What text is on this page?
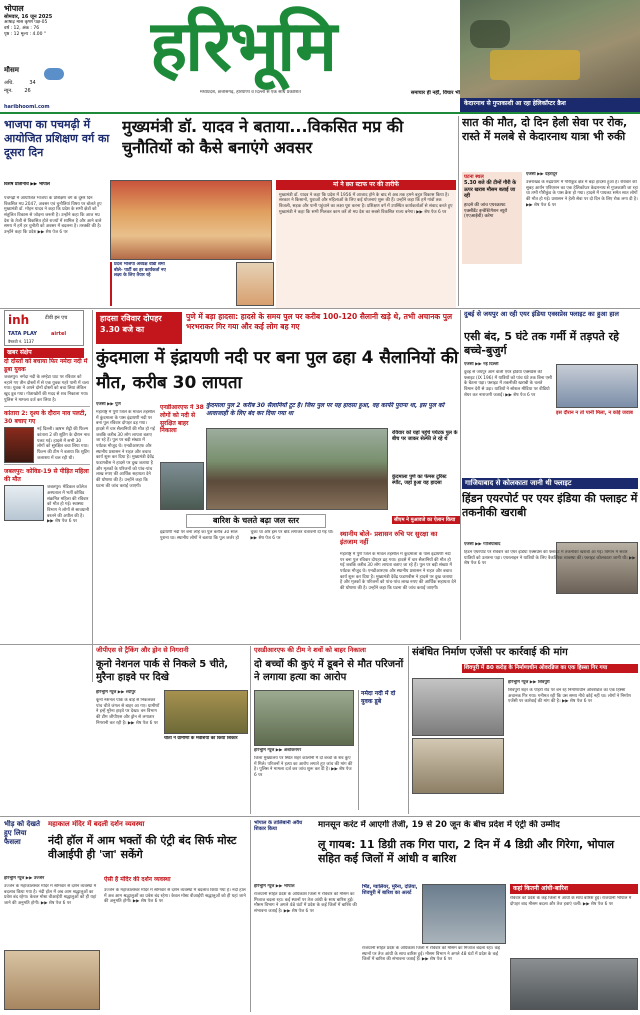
भोपाल
सोमवार, 16 जून 2025
आषाढ़ मास कृष्ण पक्ष-05
वर्ष : 12, अंक : 76
पृष्ठ : 12 मूल्य : 4.00 ''
मौसम
अधि.	34
न्यून. 26
haribhoomi.com
हरिभूमि
मध्यप्रदेश, छत्तीसगढ़, हरियाणा व दिल्ली से एक साथ प्रकाशित	समाचार ही नहीं, विचार भी
केदारनाथ से गुप्तकाशी आ रहा हेलिकॉप्टर क्रैश
भाजपा का पचमढ़ी में आयोजित प्रशिक्षण वर्ग का दूसरा दिन
मुख्यमंत्री डॉ. यादव ने बताया...विकसित मप्र की चुनौतियों को कैसे बनाएंगे अवसर
विशेष प्रतिनिधि ▶▶ भोपाल	मां ने छत स्टाफ पर की तारीफें
मुख्यमंत्री डॉ. यादव ने कहा कि प्रदेश में 1956 में आजाद होने के बाद से अब तक हमने बहुत विकास किया है। सरकार ने किसानों, युवाओं और महिलाओं के लिए कई योजनाएं शुरू की हैं। उन्होंने कहा कि हमें गांवों तक बिजली, सड़क और पानी पहुंचाने का लक्ष्य पूरा करना है। प्रशिक्षण वर्ग में उपस्थित कार्यकर्ताओं से संवाद करते हुए मुख्यमंत्री ने कहा कि सभी मिलकर काम करें तो मप्र देश का सबसे विकसित राज्य बनेगा। ▶▶ शेष पेज 6 पर
पचमढ़ी में आयोजित भाजपा के प्रशिक्षण वर्ग के दूसरे दिन विकसित मप्र 2047, अवसर एवं चुनौतियां विषय पर बोलते हुए मुख्यमंत्री डॉ. मोहन यादव ने कहा कि प्रदेश के सभी क्षेत्रों को संतुलित विकास से जोड़ना जरूरी है। उन्होंने कहा कि आज मप्र देश के तेजी से विकसित होते राज्यों में शामिल है और आने वाले समय में हमें हर चुनौती को अवसर में बदलना है। तरक्की की है। उन्होंने कहा कि प्रदेश ▶▶ शेष पेज 6 पर
प्रदेश भाजपा अध्यक्ष वीडी शर्मा बोले- पार्टी का हर कार्यकर्ता नए लक्ष्य के लिए तैयार रहे
सात की मौत, दो दिन हेली सेवा पर रोक, रास्ते में मलबे से केदारनाथ यात्रा भी रुकी
घटना स्थल
5.30 बजे की टीमों गौरी के ऊपर खराब मौसम बताई जा रही
हादसे की जांच एयरक्राफ्ट एक्सीडेंट इन्वेस्टिगेशन ब्यूरो (एएआईबी) करेगा
एजेंसी ▶▶ देहरादून
उत्तराखंड के रुद्रप्रयाग में गौरीकुंड क्षेत्र में बड़ा हादसा हुआ है। रविवार की सुबह आर्यन एविएशन का एक हेलिकॉप्टर केदारनाथ से गुप्तकाशी जा रहा था तभी गौरीकुंड के पास क्रैश हो गया। हादसे में पायलट समेत सात लोगों की मौत हो गई। प्रशासन ने हेली सेवा पर दो दिन के लिए रोक लगा दी है। ▶▶ शेष पेज 6 पर
inh	टीवी इन एच
TATA PLAY	airtel
वैष्णवी नं. 1137
खबर संक्षेप
दो दोस्तों को बचाया फिर नर्मदा नदी में डूबा युवक
जबलपुर। नर्मदा नदी के लम्हेटा घाट पर रविवार को नहाने गए तीन दोस्तों में से एक युवक गहरे पानी में चला गया। युवक ने अपने दोनों दोस्तों को बचा लिया लेकिन खुद डूब गया। गोताखोरों की मदद से शव निकाला गया। पुलिस ने मामला दर्ज कर लिया है।
कांतारा 2: दृश्य के दौरान नाव पलटी, 30 बचाए गए
नई दिल्ली। ऋषभ शेट्टी की फिल्म कांतारा 2 की शूटिंग के दौरान नाव पलट गई। हादसे में सभी 30 लोगों को सुरक्षित बचा लिया गया। फिल्म की टीम ने बताया कि शूटिंग जलाशय में चल रही थी।
जबलपुर: कोविड-19 से पीड़ित महिला की मौत
जबलपुर। मेडिकल कॉलेज अस्पताल में भर्ती कोविड संक्रमित महिला की रविवार को मौत हो गई। स्वास्थ्य विभाग ने लोगों से सावधानी बरतने की अपील की है। ▶▶ शेष पेज 6 पर
हादसा रविवार दोपहर 3.30 बजे का
पुणे में बड़ा हादसा: हादसे के समय पुल पर करीब 100-120 सैलानी खड़े थे, तभी अचानक पुल भरभराकर गिर गया और कई लोग बह गए
कुंदमाला में इंद्रायणी नदी पर बना पुल ढहा 4 सैलानियों की मौत, करीब 30 लापता
एजेंसी ▶▶ पुणे
महाराष्ट्र में पुणे जिले के मावल तहसील में कुंदमाला के पास इंद्रायणी नदी पर बना पुल रविवार दोपहर ढह गया। हादसे में चार सैलानियों की मौत हो गई जबकि करीब 30 लोग लापता बताए जा रहे हैं। पुल पर बड़ी संख्या में पर्यटक मौजूद थे। एनडीआरएफ और स्थानीय प्रशासन ने राहत और बचाव कार्य शुरू कर दिया है। मुख्यमंत्री देवेंद्र फडणवीस ने हादसे पर दुख जताया है और मृतकों के परिजनों को पांच-पांच लाख रुपए की आर्थिक सहायता देने की घोषणा की है। उन्होंने कहा कि घटना की जांच कराई जाएगी।
एनडीआरएफ ने 38 लोगों को नदी से सुरक्षित बाहर निकाला
कुंदमाला पुल 2 करीब 30 सैलानियों टूट है। जिस पुल पर यह हादसा हुआ, वह काफी पुराना था, इस पुल को आवाजाही के लिए बंद कर दिया गया था
रविवार को यहां पहुंचे पर्यटक पुल के बीच पर जाकर सेल्फी ले रहे थे
कुंदमाला पुणे का फेमस टूरिस्ट स्पॉट, जहां हुआ यह हादसा
बारिश के चलते बढ़ा जल स्तर
इंद्रायणी नदी पर बना लोहे का पुल करीब 30 साल पुराना था। स्थानीय लोगों ने बताया कि पुल जर्जर हो चुका था और इस पर बोर्ड लगाकर चेतावनी दी गई थी। ▶▶ शेष पेज 6 पर
स्थानीय बोले- प्रशासन रुचि पर सुरक्षा का इंतजाम नहीं
महाराष्ट्र में पुणे जिले के मावल तहसील में कुंदमाला के पास इंद्रायणी नदी पर बना पुल रविवार दोपहर ढह गया। हादसे में चार सैलानियों की मौत हो गई जबकि करीब 30 लोग लापता बताए जा रहे हैं। पुल पर बड़ी संख्या में पर्यटक मौजूद थे। एनडीआरएफ और स्थानीय प्रशासन ने राहत और बचाव कार्य शुरू कर दिया है। मुख्यमंत्री देवेंद्र फडणवीस ने हादसे पर दुख जताया है और मृतकों के परिजनों को पांच-पांच लाख रुपए की आर्थिक सहायता देने की घोषणा की है। उन्होंने कहा कि घटना की जांच कराई जाएगी।
सीएम ने मुआवजे का ऐलान किया
दुबई से जयपुर आ रही एयर इंडिया एक्सप्रेस फ्लाइट का हुआ हाल
एसी बंद, 5 घंटे तक गर्मी में तड़पते रहे बच्चे-बुजुर्ग
एजेंसी ▶▶ नई दिल्ली
दुबई से जयपुर आने वाली एयर इंडिया एक्सप्रेस की फ्लाइट (IX 196) में यात्रियों को पांच घंटे तक बिना एसी के बैठना पड़ा। फ्लाइट में तकनीकी खराबी के चलते विमान देरी से उड़ा। यात्रियों ने सोशल मीडिया पर वीडियो शेयर कर नाराजगी जताई। ▶▶ शेष पेज 6 पर
इस दौरान न तो पानी मिला, न कोई जवाब
गाजियाबाद से कोलकाता जानी थी फ्लाइट
हिंडन एयरपोर्ट पर एयर इंडिया की फ्लाइट में तकनीकी खराबी
एजेंसी ▶▶ गाजियाबाद
हिंडन एयरपोर्ट पर रविवार को एयर इंडिया एक्सप्रेस की फ्लाइट में तकनीकी खराबी आ गई। विमान में सवार यात्रियों को उतारना पड़ा। एयरलाइन ने यात्रियों के लिए वैकल्पिक व्यवस्था की। फ्लाइट कोलकाता जानी थी। ▶▶ शेष पेज 6 पर
जीपीएस से ट्रैकिंग और ड्रोन से निगरानी
कूनो नेशनल पार्क से निकले 5 चीते, मुरैना हाइवे पर दिखे
हरिभूमि न्यूज ▶▶ श्योपुर
कूनो नेशनल पार्क के बाड़े से निकलकर पांच चीते जंगल से बाहर आ गए। ग्रामीणों ने इन्हें मुरैना हाइवे पर देखा। वन विभाग की टीम जीपीएस और ड्रोन से लगातार निगरानी कर रही है। ▶▶ शेष पेज 6 पर
चीतों ने ग्रामीणों के मवेशियों का किया शिकार
एसडीआरएफ की टीम ने शवों को बाहर निकाला
दो बच्चों की कुएं में डूबने से मौत परिजनों ने लगाया हत्या का आरोप
हरिभूमि न्यूज ▶▶ अशोकनगर
जिला मुख्यालय पर स्थित शहर कॉलोनी में दो बच्चों के शव कुएं में मिले। परिजनों ने हत्या का आरोप लगाते हुए जांच की मांग की है। पुलिस ने मामला दर्ज कर जांच शुरू कर दी है। ▶▶ शेष पेज 6 पर
नर्मदा नदी में दो युवक डूबे
संबंधित निर्माण एजेंसी पर कार्रवाई की मांग
शिवपुरी में 80 करोड़ के निर्माणाधीन ओवरब्रिज का एक हिस्सा गिर गया
हरिभूमि न्यूज ▶▶ शिवपुरी
शिवपुरी शहर के पोहरी रोड पर बन रहे निर्माणाधीन ओवरब्रिज का एक हिस्सा अचानक गिर गया। गनीमत रही कि उस समय नीचे कोई नहीं था। लोगों ने निर्माण एजेंसी पर कार्रवाई की मांग की है। ▶▶ शेष पेज 6 पर
भीड़ को देखते हुए लिया फैसला
महाकाल मंदिर में बदली दर्शन व्यवस्था
नंदी हॉल में आम भक्तों की एंट्री बंद सिर्फ मोस्ट वीआईपी ही 'जा' सकेंगे
हरिभूमि न्यूज ▶▶ उज्जैन
उज्जैन के महाकालेश्वर मंदिर में सोमवार से दर्शन व्यवस्था में बदलाव किया गया है। नंदी हॉल में अब आम श्रद्धालुओं का प्रवेश बंद रहेगा। केवल मोस्ट वीआईपी श्रद्धालुओं को ही यहां जाने की अनुमति होगी। ▶▶ शेष पेज 6 पर
ऐसी है मंदिर की दर्शन व्यवस्था
उज्जैन के महाकालेश्वर मंदिर में सोमवार से दर्शन व्यवस्था में बदलाव किया गया है। नंदी हॉल में अब आम श्रद्धालुओं का प्रवेश बंद रहेगा। केवल मोस्ट वीआईपी श्रद्धालुओं को ही यहां जाने की अनुमति होगी। ▶▶ शेष पेज 6 पर
भोपाल के तालिबानी अवैध शिकार किया	मानसून करंट में आएगी तेजी, 19 से 20 जून के बीच प्रदेश में एंट्री की उम्मीद
लू गायब: 11 डिग्री तक गिरा पारा, 2 दिन में 4 डिग्री और गिरेगा, भोपाल सहित कई जिलों में आंधी व बारिश
हरिभूमि न्यूज ▶▶ भोपाल
राजधानी सहित प्रदेश के अधिकांश जिलों में रविवार को मौसम का मिजाज बदला रहा। कई स्थानों पर तेज आंधी के साथ बारिश हुई। मौसम विभाग ने अगले 48 घंटों में प्रदेश के कई जिलों में बारिश की संभावना जताई है। ▶▶ शेष पेज 6 पर
भिंड, ग्वालियर, मुरैना, दतिया, शिवपुरी में बारिश का अलर्ट
राजधानी सहित प्रदेश के अधिकांश जिलों में रविवार को मौसम का मिजाज बदला रहा। कई स्थानों पर तेज आंधी के साथ बारिश हुई। मौसम विभाग ने अगले 48 घंटों में प्रदेश के कई जिलों में बारिश की संभावना जताई है। ▶▶ शेष पेज 6 पर
कहां कितनी आंधी-बारिश
रविवार को प्रदेश के कई जिलों में आंधी के साथ बारिश हुई। राजधानी भोपाल में दोपहर बाद मौसम बदला और तेज हवाएं चलीं। ▶▶ शेष पेज 6 पर
